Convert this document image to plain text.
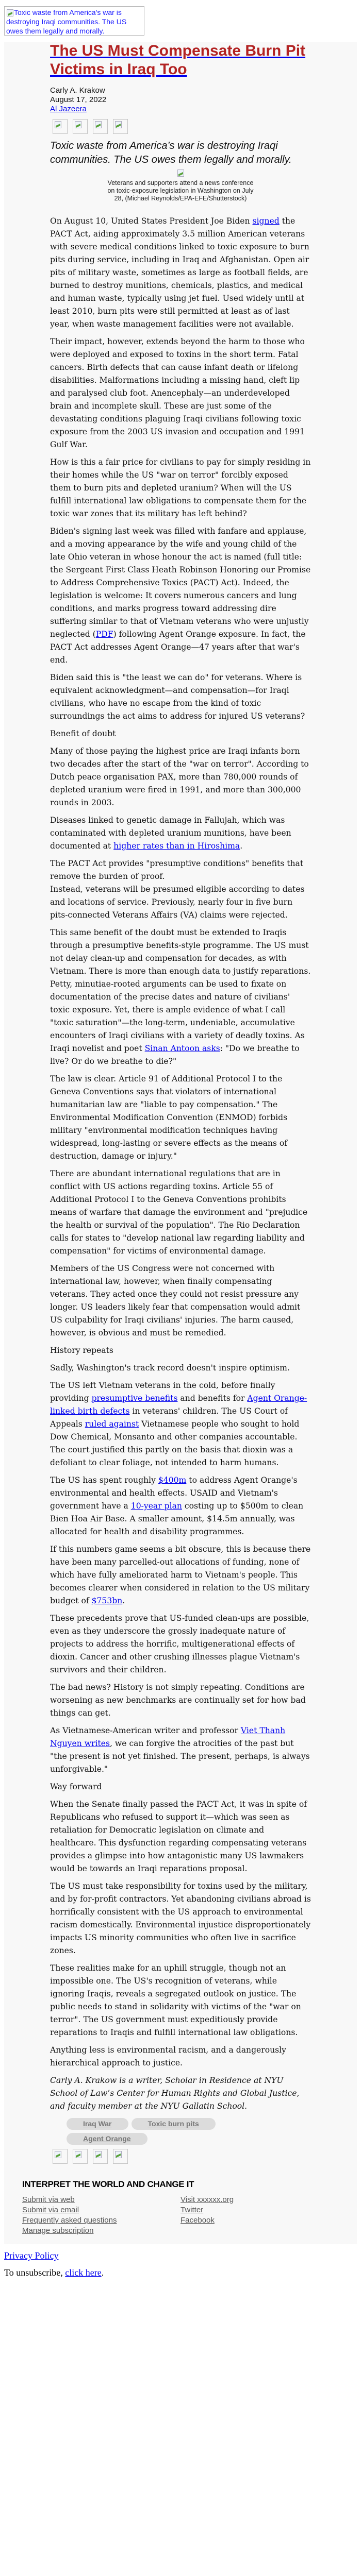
Toxic waste from America's war is destroying Iraqi communities. The US owes them legally and morally.
The US Must Compensate Burn Pit Victims in Iraq Too
Carly A. Krakow
August 17, 2022
Al Jazeera
Toxic waste from America’s war is destroying Iraqi communities. The US owes them legally and morally.
Veterans and supporters attend a news conference on toxic-exposure legislation in Washington on July 28, (Michael Reynolds/EPA-EFE/Shutterstock)

On August 10, United States President Joe Biden signed the PACT Act, aiding approximately 3.5 million American veterans with severe medical conditions linked to toxic exposure to burn pits during service, including in Iraq and Afghanistan. Open air pits of military waste, sometimes as large as football fields, are burned to destroy munitions, chemicals, plastics, and medical and human waste, typically using jet fuel. Used widely until at least 2010, burn pits were still permitted at least as of last year, when waste management facilities were not available.

Their impact, however, extends beyond the harm to those who were deployed and exposed to toxins in the short term. Fatal cancers. Birth defects that can cause infant death or lifelong disabilities. Malformations including a missing hand, cleft lip and paralysed club foot. Anencephaly—an underdeveloped brain and incomplete skull. These are just some of the devastating conditions plaguing Iraqi civilians following toxic exposure from the 2003 US invasion and occupation and 1991 Gulf War.

How is this a fair price for civilians to pay for simply residing in their homes while the US "war on terror" forcibly exposed them to burn pits and depleted uranium? When will the US fulfill international law obligations to compensate them for the toxic war zones that its military has left behind?

Biden's signing last week was filled with fanfare and applause, and a moving appearance by the wife and young child of the late Ohio veteran in whose honour the act is named (full title: the Sergeant First Class Heath Robinson Honoring our Promise to Address Comprehensive Toxics (PACT) Act). Indeed, the legislation is welcome: It covers numerous cancers and lung conditions, and marks progress toward addressing dire suffering similar to that of Vietnam veterans who were unjustly neglected (PDF) following Agent Orange exposure. In fact, the PACT Act addresses Agent Orange—47 years after that war's end.

Biden said this is "the least we can do" for veterans. Where is equivalent acknowledgment—and compensation—for Iraqi civilians, who have no escape from the kind of toxic surroundings the act aims to address for injured US veterans?

Benefit of doubt

Many of those paying the highest price are Iraqi infants born two decades after the start of the "war on terror". According to Dutch peace organisation PAX, more than 780,000 rounds of depleted uranium were fired in 1991, and more than 300,000 rounds in 2003.

Diseases linked to genetic damage in Fallujah, which was contaminated with depleted uranium munitions, have been documented at higher rates than in Hiroshima.

The PACT Act provides "presumptive conditions" benefits that remove the burden of proof.
Instead, veterans will be presumed eligible according to dates and locations of service. Previously, nearly four in five burn pits-connected Veterans Affairs (VA) claims were rejected.

This same benefit of the doubt must be extended to Iraqis through a presumptive benefits-style programme. The US must not delay clean-up and compensation for decades, as with Vietnam. There is more than enough data to justify reparations. Petty, minutiae-rooted arguments can be used to fixate on documentation of the precise dates and nature of civilians' toxic exposure. Yet, there is ample evidence of what I call "toxic saturation"—the long-term, undeniable, accumulative encounters of Iraqi civilians with a variety of deadly toxins. As Iraqi novelist and poet Sinan Antoon asks: "Do we breathe to live? Or do we breathe to die?"

The law is clear. Article 91 of Additional Protocol I to the Geneva Conventions says that violators of international humanitarian law are "liable to pay compensation." The Environmental Modification Convention (ENMOD) forbids military "environmental modification techniques having widespread, long-lasting or severe effects as the means of destruction, damage or injury."

There are abundant international regulations that are in conflict with US actions regarding toxins. Article 55 of Additional Protocol I to the Geneva Conventions prohibits means of warfare that damage the environment and "prejudice the health or survival of the population". The Rio Declaration calls for states to "develop national law regarding liability and compensation" for victims of environmental damage.

Members of the US Congress were not concerned with international law, however, when finally compensating veterans. They acted once they could not resist pressure any longer. US leaders likely fear that compensation would admit US culpability for Iraqi civilians' injuries. The harm caused, however, is obvious and must be remedied.

History repeats

Sadly, Washington's track record doesn't inspire optimism.

The US left Vietnam veterans in the cold, before finally providing presumptive benefits and benefits for Agent Orange-linked birth defects in veterans' children. The US Court of Appeals ruled against Vietnamese people who sought to hold Dow Chemical, Monsanto and other companies accountable. The court justified this partly on the basis that dioxin was a defoliant to clear foliage, not intended to harm humans.

The US has spent roughly $400m to address Agent Orange's environmental and health effects. USAID and Vietnam's government have a 10-year plan costing up to $500m to clean Bien Hoa Air Base. A smaller amount, $14.5m annually, was allocated for health and disability programmes.

If this numbers game seems a bit obscure, this is because there have been many parcelled-out allocations of funding, none of which have fully ameliorated harm to Vietnam's people. This becomes clearer when considered in relation to the US military budget of $753bn.

These precedents prove that US-funded clean-ups are possible, even as they underscore the grossly inadequate nature of projects to address the horrific, multigenerational effects of dioxin. Cancer and other crushing illnesses plague Vietnam's survivors and their children.

The bad news? History is not simply repeating. Conditions are worsening as new benchmarks are continually set for how bad things can get.

As Vietnamese-American writer and professor Viet Thanh Nguyen writes, we can forgive the atrocities of the past but "the present is not yet finished. The present, perhaps, is always unforgivable."

Way forward

When the Senate finally passed the PACT Act, it was in spite of Republicans who refused to support it—which was seen as retaliation for Democratic legislation on climate and healthcare. This dysfunction regarding compensating veterans provides a glimpse into how antagonistic many US lawmakers would be towards an Iraqi reparations proposal.

The US must take responsibility for toxins used by the military, and by for-profit contractors. Yet abandoning civilians abroad is horrifically consistent with the US approach to environmental racism domestically. Environmental injustice disproportionately impacts US minority communities who often live in sacrifice zones.

These realities make for an uphill struggle, though not an impossible one. The US's recognition of veterans, while ignoring Iraqis, reveals a segregated outlook on justice. The public needs to stand in solidarity with victims of the "war on terror". The US government must expeditiously provide reparations to Iraqis and fulfill international law obligations.

Anything less is environmental racism, and a dangerously hierarchical approach to justice.

Carly A. Krakow is a writer, Scholar in Residence at NYU School of Law’s Center for Human Rights and Global Justice, and faculty member at the NYU Gallatin School.

Iraq War	Toxic burn pits
Agent Orange
INTERPRET THE WORLD AND CHANGE IT
Submit via web
Submit via email
Frequently asked questions
Manage subscription
Visit xxxxxx.org
Twitter
Facebook

Privacy Policy

To unsubscribe, click here.
